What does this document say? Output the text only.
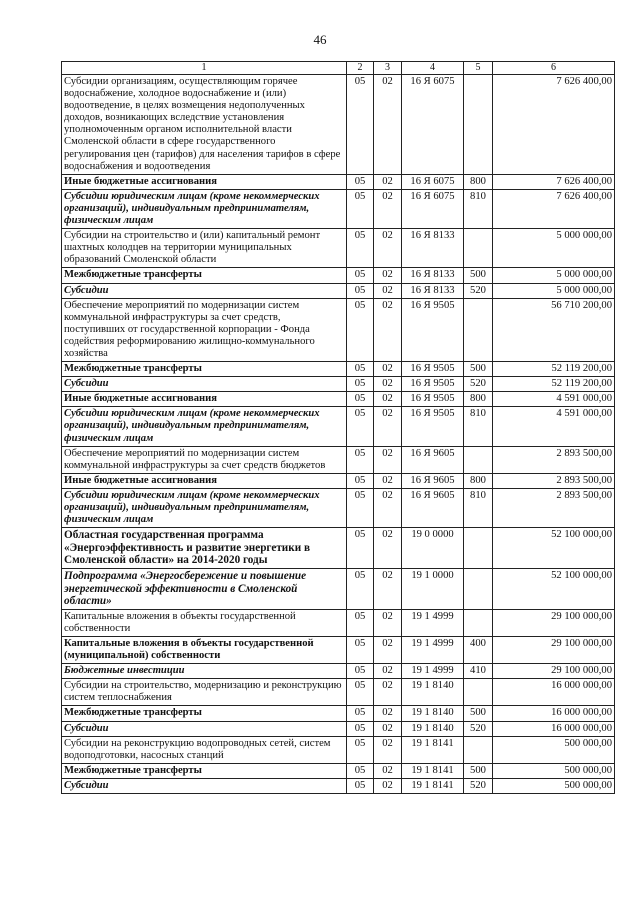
46
1	2	3	4	5	6
Субсидии организациям, осуществляющим горячее водоснабжение, холодное водоснабжение и (или) водоотведение, в целях возмещения недополученных доходов, возникающих вследствие установления уполномоченным органом исполнительной власти Смоленской области в сфере государственного регулирования цен (тарифов) для населения тарифов в сфере водоснабжения и водоотведения	05	02	16 Я 6075		7 626 400,00
Иные бюджетные ассигнования	05	02	16 Я 6075	800	7 626 400,00
Субсидии юридическим лицам (кроме некоммерческих организаций), индивидуальным предпринимателям, физическим лицам	05	02	16 Я 6075	810	7 626 400,00
Субсидии на строительство и (или) капитальный ремонт шахтных колодцев на территории муниципальных образований Смоленской области	05	02	16 Я 8133		5 000 000,00
Межбюджетные трансферты	05	02	16 Я 8133	500	5 000 000,00
Субсидии	05	02	16 Я 8133	520	5 000 000,00
Обеспечение мероприятий по модернизации систем коммунальной инфраструктуры за счет средств, поступивших от государственной корпорации - Фонда содействия реформированию жилищно-коммунального хозяйства	05	02	16 Я 9505		56 710 200,00
Межбюджетные трансферты	05	02	16 Я 9505	500	52 119 200,00
Субсидии	05	02	16 Я 9505	520	52 119 200,00
Иные бюджетные ассигнования	05	02	16 Я 9505	800	4 591 000,00
Субсидии юридическим лицам (кроме некоммерческих организаций), индивидуальным предпринимателям, физическим лицам	05	02	16 Я 9505	810	4 591 000,00
Обеспечение мероприятий по модернизации систем коммунальной инфраструктуры за счет средств бюджетов	05	02	16 Я 9605		2 893 500,00
Иные бюджетные ассигнования	05	02	16 Я 9605	800	2 893 500,00
Субсидии юридическим лицам (кроме некоммерческих организаций), индивидуальным предпринимателям, физическим лицам	05	02	16 Я 9605	810	2 893 500,00
Областная государственная программа «Энергоэффективность и развитие энергетики в Смоленской области» на 2014-2020 годы	05	02	19 0 0000		52 100 000,00
Подпрограмма «Энергосбережение и повышение энергетической эффективности в Смоленской области»	05	02	19 1 0000		52 100 000,00
Капитальные вложения в объекты государственной собственности	05	02	19 1 4999		29 100 000,00
Капитальные вложения в объекты государственной (муниципальной) собственности	05	02	19 1 4999	400	29 100 000,00
Бюджетные инвестиции	05	02	19 1 4999	410	29 100 000,00
Субсидии на строительство, модернизацию и реконструкцию систем теплоснабжения	05	02	19 1 8140		16 000 000,00
Межбюджетные трансферты	05	02	19 1 8140	500	16 000 000,00
Субсидии	05	02	19 1 8140	520	16 000 000,00
Субсидии на реконструкцию водопроводных сетей, систем водоподготовки, насосных станций	05	02	19 1 8141		500 000,00
Межбюджетные трансферты	05	02	19 1 8141	500	500 000,00
Субсидии	05	02	19 1 8141	520	500 000,00
